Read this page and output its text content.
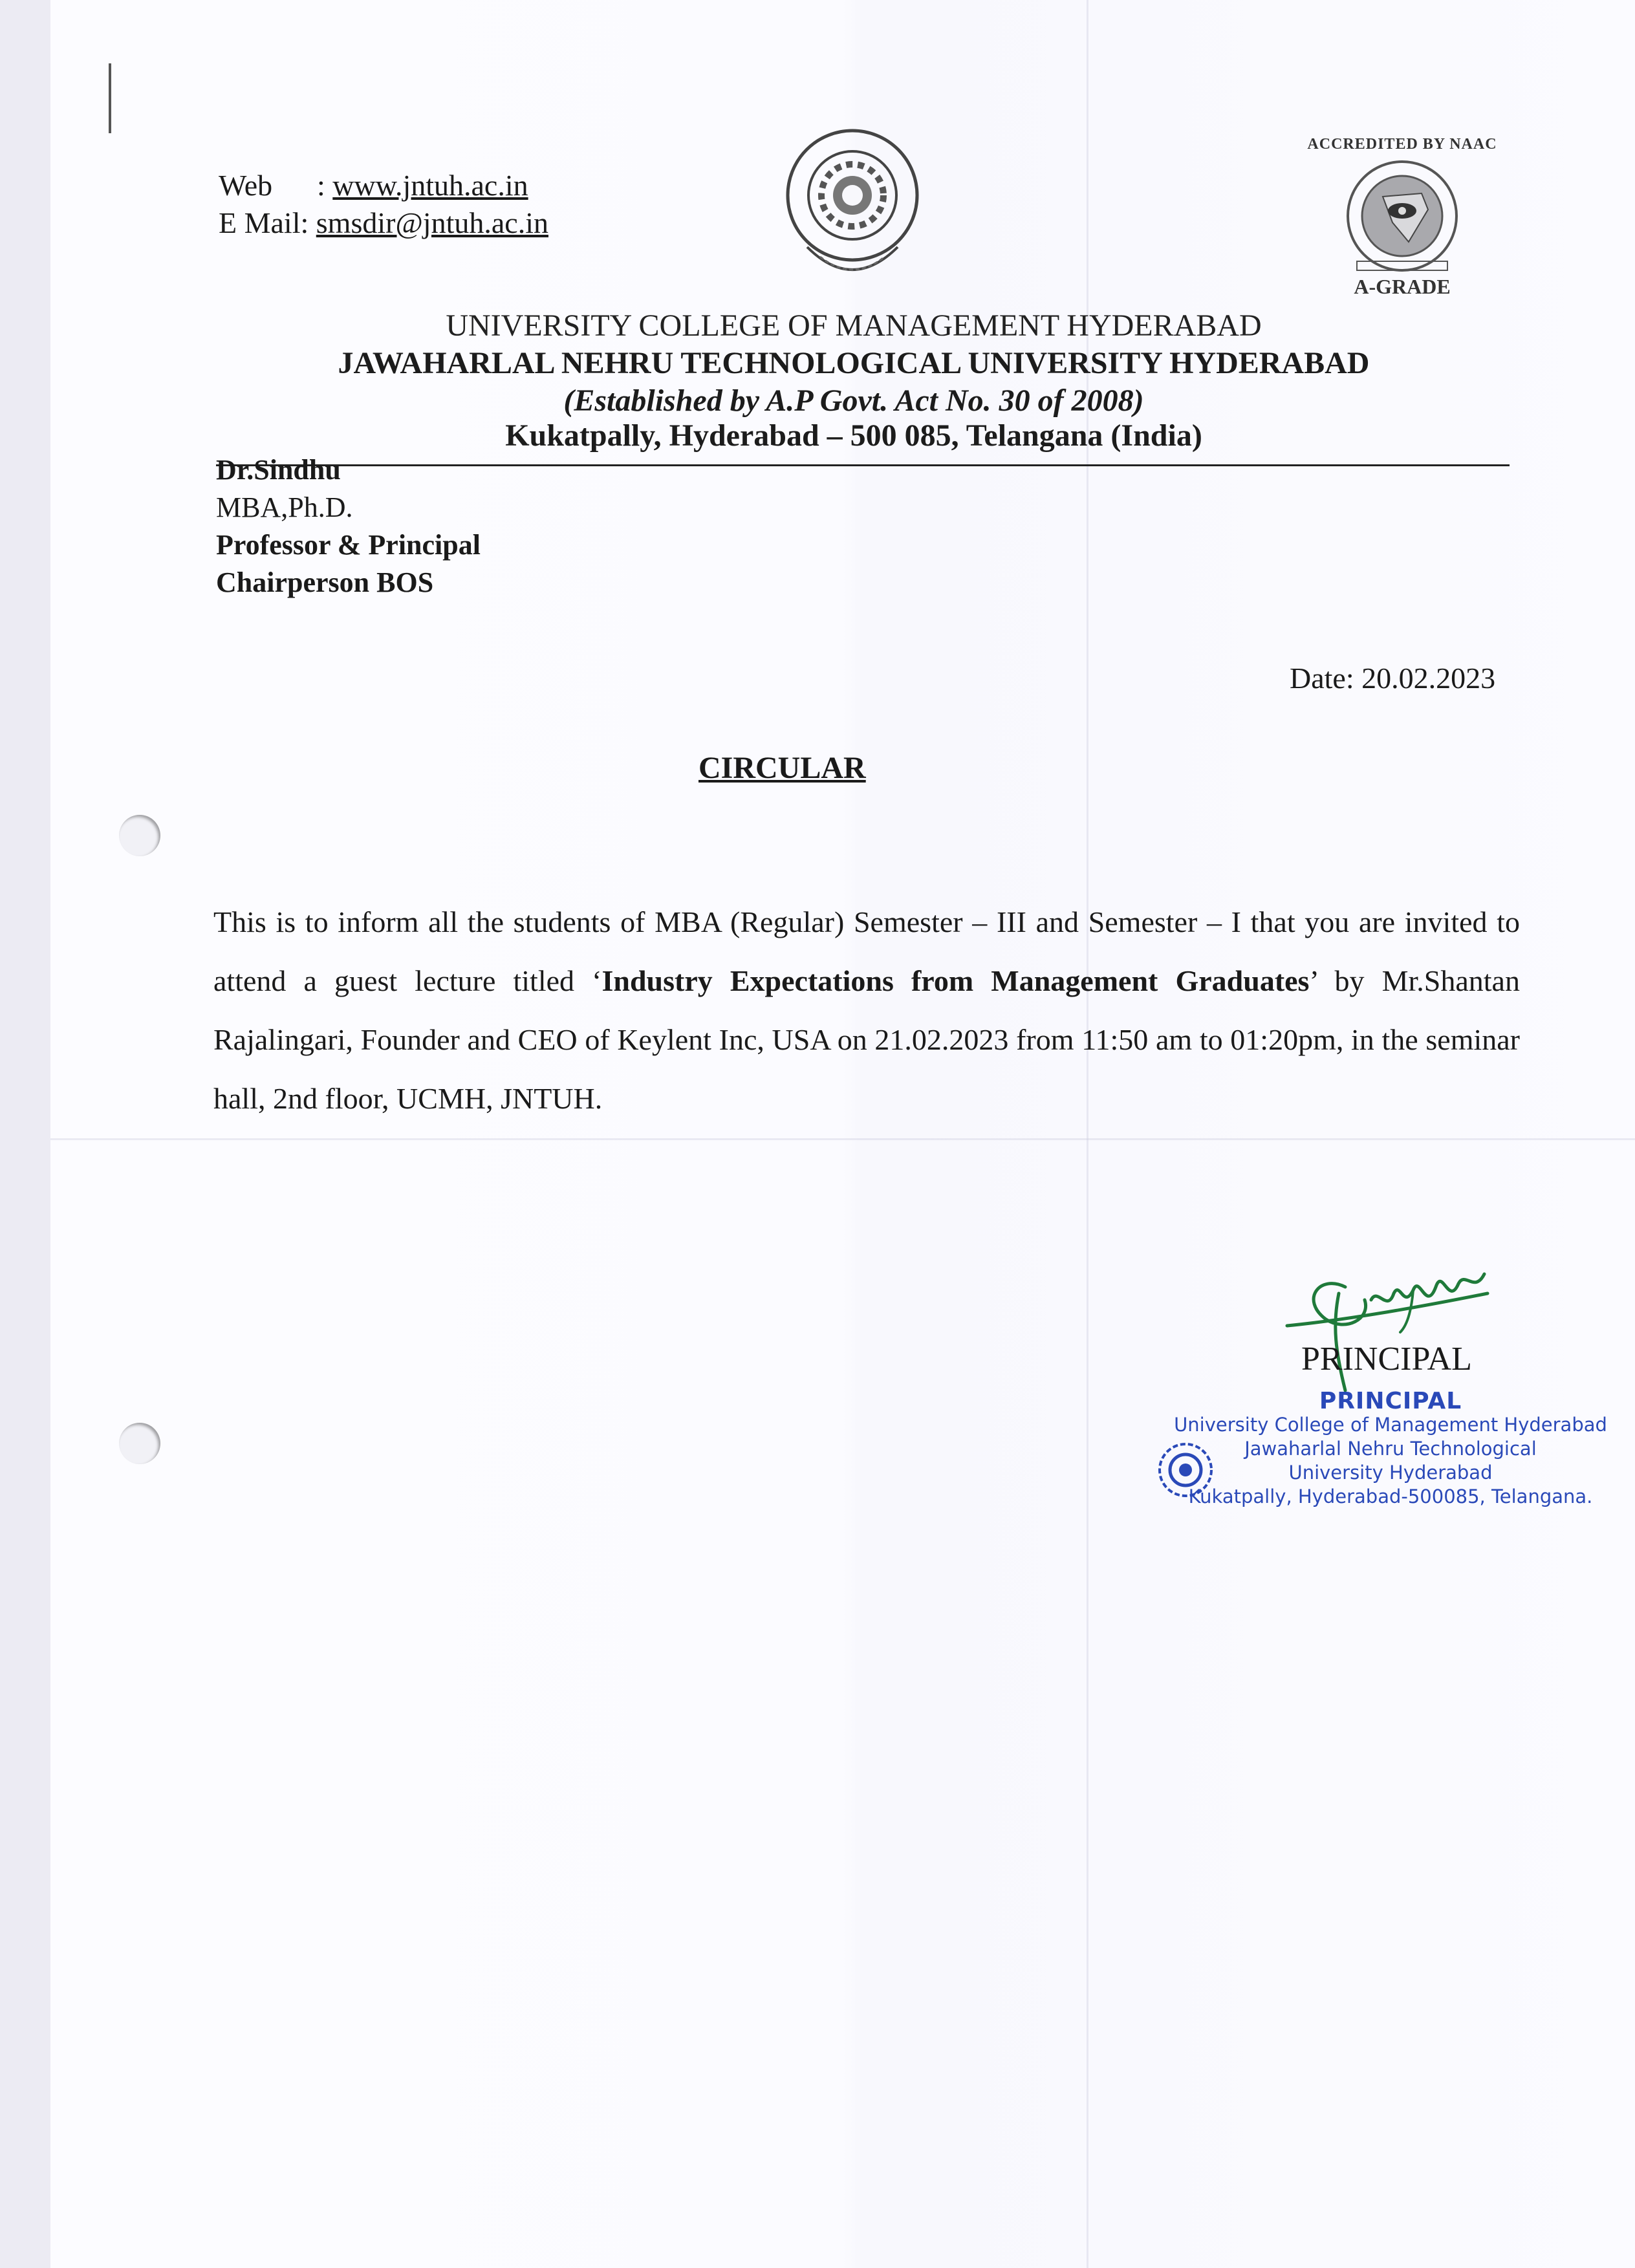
Web : www.jntuh.ac.in
E Mail: smsdir@jntuh.ac.in
ACCREDITED BY NAAC
A-GRADE
UNIVERSITY COLLEGE OF MANAGEMENT HYDERABAD
JAWAHARLAL NEHRU TECHNOLOGICAL UNIVERSITY HYDERABAD
(Established by A.P Govt. Act No. 30 of 2008)
Kukatpally, Hyderabad – 500 085, Telangana (India)
Dr.Sindhu
MBA,Ph.D.
Professor & Principal
Chairperson BOS
Date: 20.02.2023
CIRCULAR
This is to inform all the students of MBA (Regular) Semester – III and Semester – I that you are invited to attend a guest lecture titled ‘Industry Expectations from Management Graduates’ by Mr.Shantan Rajalingari, Founder and CEO of Keylent Inc, USA on 21.02.2023 from 11:50 am to 01:20pm, in the seminar hall, 2nd floor, UCMH, JNTUH.
PRINCIPAL
PRINCIPAL
University College of Management Hyderabad
Jawaharlal Nehru Technological
University Hyderabad
Kukatpally, Hyderabad-500085, Telangana.
